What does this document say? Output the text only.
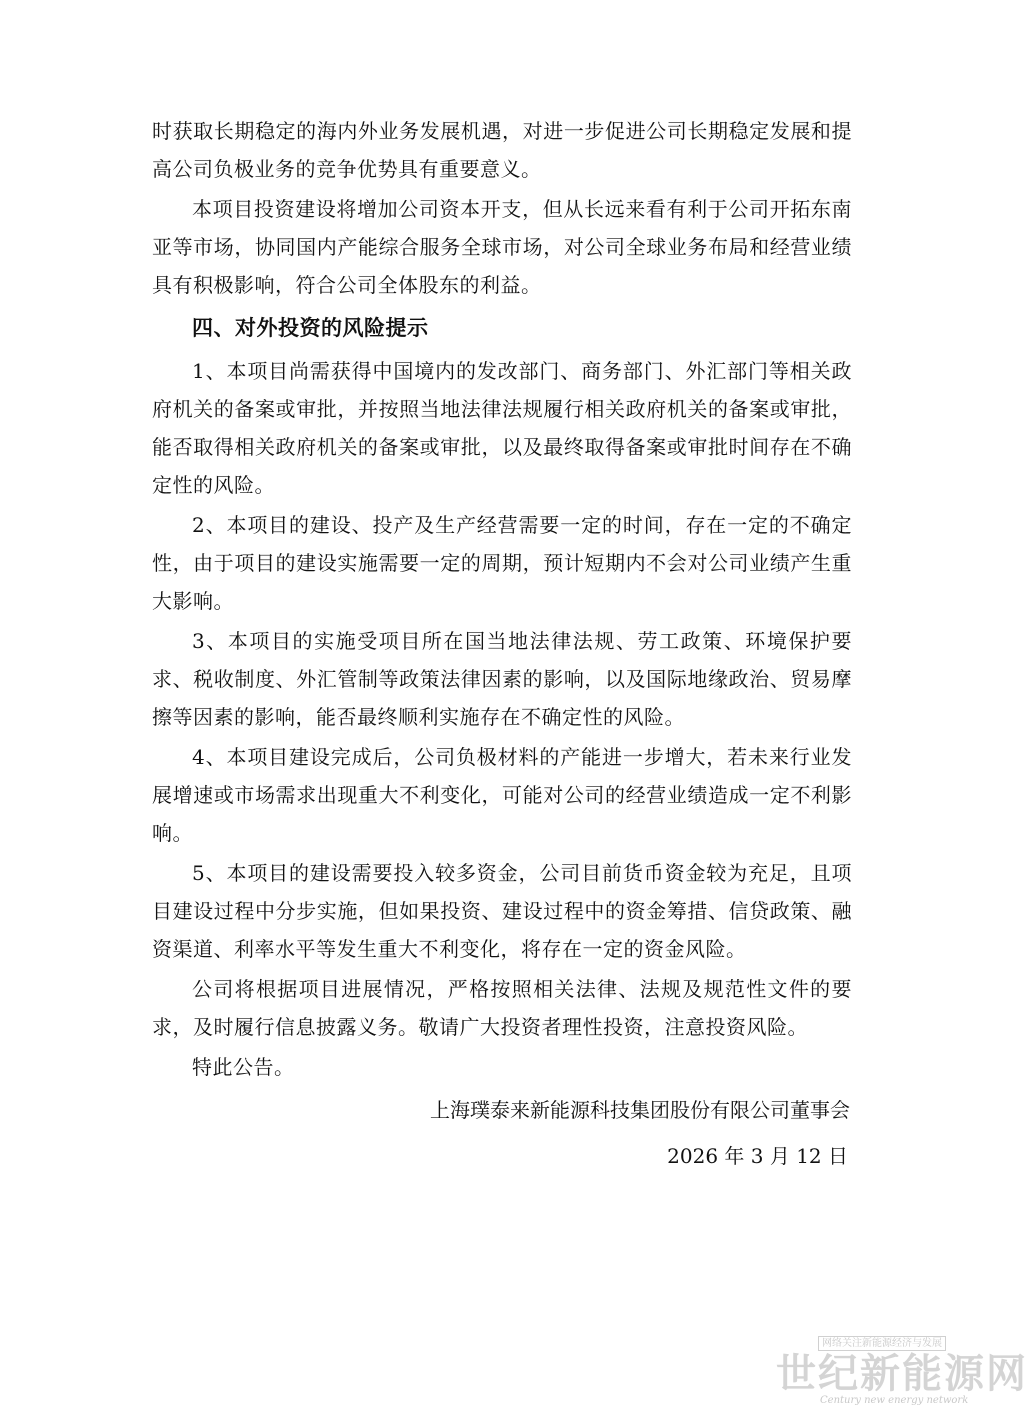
时获取长期稳定的海内外业务发展机遇，对进一步促进公司长期稳定发展和提高公司负极业务的竞争优势具有重要意义。

本项目投资建设将增加公司资本开支，但从长远来看有利于公司开拓东南亚等市场，协同国内产能综合服务全球市场，对公司全球业务布局和经营业绩具有积极影响，符合公司全体股东的利益。

四、对外投资的风险提示

1、本项目尚需获得中国境内的发改部门、商务部门、外汇部门等相关政府机关的备案或审批，并按照当地法律法规履行相关政府机关的备案或审批，能否取得相关政府机关的备案或审批，以及最终取得备案或审批时间存在不确定性的风险。

2、本项目的建设、投产及生产经营需要一定的时间，存在一定的不确定性，由于项目的建设实施需要一定的周期，预计短期内不会对公司业绩产生重大影响。

3、本项目的实施受项目所在国当地法律法规、劳工政策、环境保护要求、税收制度、外汇管制等政策法律因素的影响，以及国际地缘政治、贸易摩擦等因素的影响，能否最终顺利实施存在不确定性的风险。

4、本项目建设完成后，公司负极材料的产能进一步增大，若未来行业发展增速或市场需求出现重大不利变化，可能对公司的经营业绩造成一定不利影响。

5、本项目的建设需要投入较多资金，公司目前货币资金较为充足，且项目建设过程中分步实施，但如果投资、建设过程中的资金筹措、信贷政策、融资渠道、利率水平等发生重大不利变化，将存在一定的资金风险。

公司将根据项目进展情况，严格按照相关法律、法规及规范性文件的要求，及时履行信息披露义务。敬请广大投资者理性投资，注意投资风险。

特此公告。

上海璞泰来新能源科技集团股份有限公司董事会
2026 年 3 月 12 日
网络关注新能源经济与发展
世纪新能源网
Century new energy network
